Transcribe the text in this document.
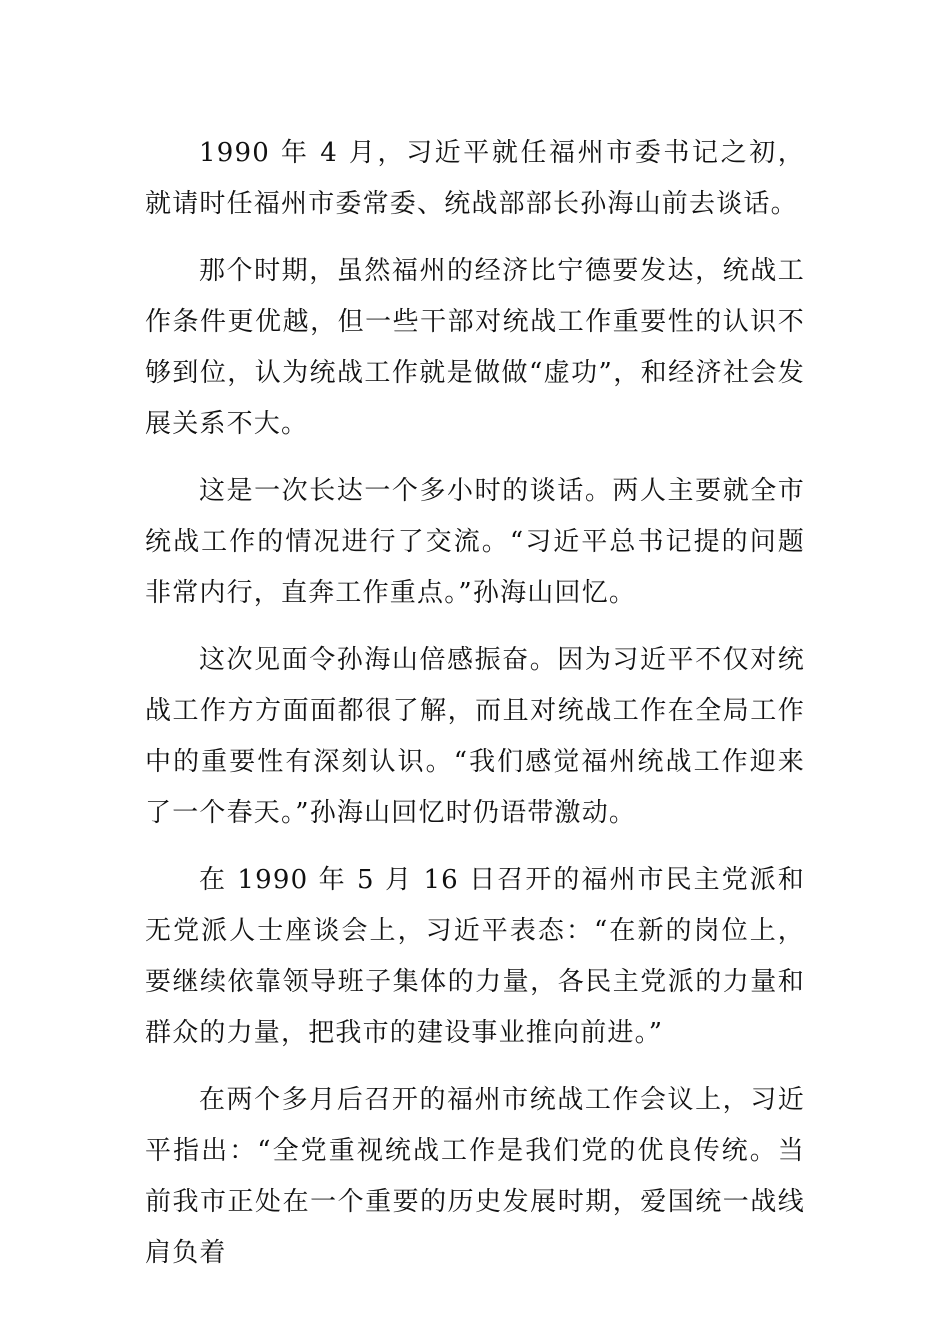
1990 年 4 月，习近平就任福州市委书记之初，就请时任福州市委常委、统战部部长孙海山前去谈话。

那个时期，虽然福州的经济比宁德要发达，统战工作条件更优越，但一些干部对统战工作重要性的认识不够到位，认为统战工作就是做做“虚功”，和经济社会发展关系不大。

这是一次长达一个多小时的谈话。两人主要就全市统战工作的情况进行了交流。“习近平总书记提的问题非常内行，直奔工作重点。”孙海山回忆。

这次见面令孙海山倍感振奋。因为习近平不仅对统战工作方方面面都很了解，而且对统战工作在全局工作中的重要性有深刻认识。“我们感觉福州统战工作迎来了一个春天。”孙海山回忆时仍语带激动。

在 1990 年 5 月 16 日召开的福州市民主党派和无党派人士座谈会上，习近平表态：“在新的岗位上，要继续依靠领导班子集体的力量，各民主党派的力量和群众的力量，把我市的建设事业推向前进。”

在两个多月后召开的福州市统战工作会议上，习近平指出：“全党重视统战工作是我们党的优良传统。当前我市正处在一个重要的历史发展时期，爱国统一战线肩负着
